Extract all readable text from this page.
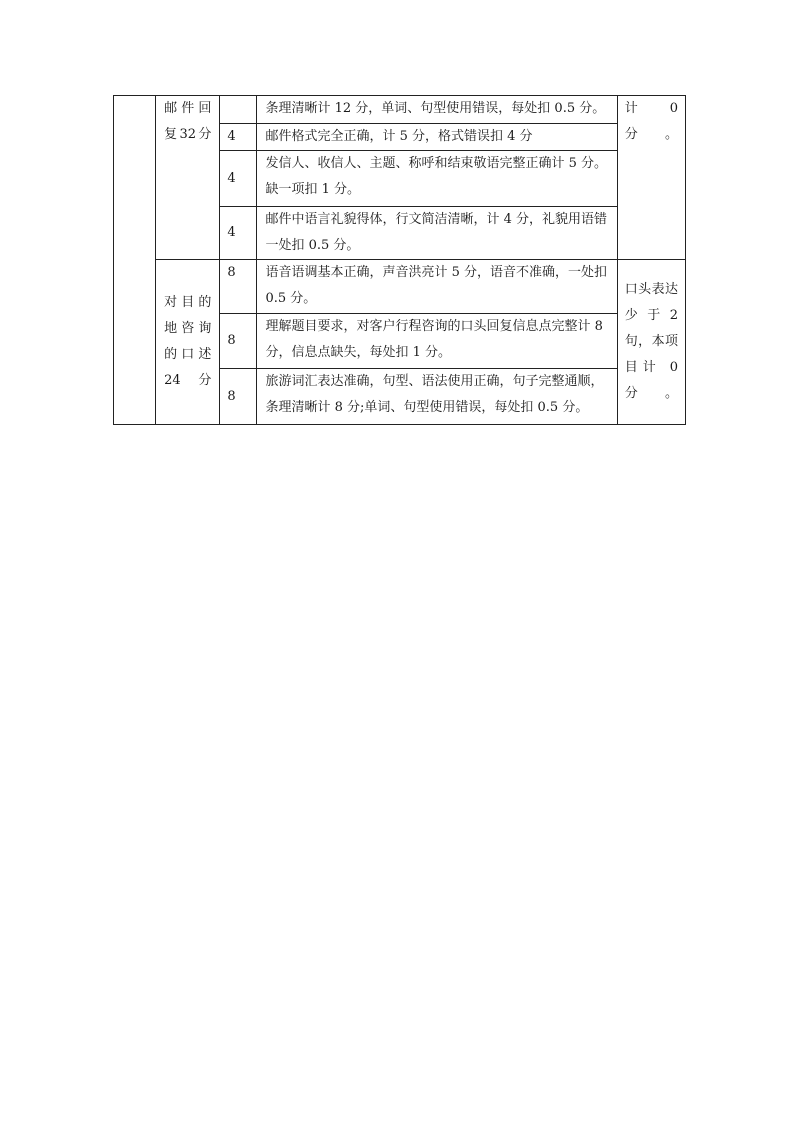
	邮件回复32分		条理清晰计 12 分，单词、句型使用错误，每处扣 0.5 分。	计 0 分。
		4	邮件格式完全正确，计 5 分，格式错误扣 4 分	
		4	发信人、收信人、主题、称呼和结束敬语完整正确计 5 分。缺一项扣 1 分。	
		4	邮件中语言礼貌得体，行文简洁清晰，计 4 分，礼貌用语错一处扣 0.5 分。	

	对目的地咨询的口述24分	8	语音语调基本正确，声音洪亮计 5 分，语音不准确，一处扣 0.5 分。	口头表达少于2句，本项目计 0分。
		8	理解题目要求，对客户行程咨询的口头回复信息点完整计 8 分，信息点缺失，每处扣 1 分。	
		8	旅游词汇表达准确，句型、语法使用正确，句子完整通顺，条理清晰计 8 分;单词、句型使用错误，每处扣 0.5 分。	
